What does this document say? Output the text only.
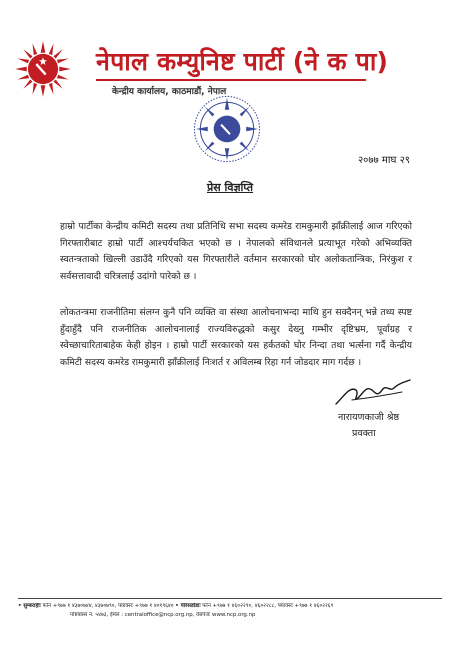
नेपाल कम्युनिष्ट पार्टी (ने क पा)
केन्द्रीय कार्यालय, काठमाडौं, नेपाल
२०७७ माघ २९
प्रेस विज्ञप्ति

हाम्रो पार्टीका केन्द्रीय कमिटी सदस्य तथा प्रतिनिधि सभा सदस्य कमरेड रामकुमारी झाँक्रीलाई आज गरिएको गिरफ्तारीबाट हाम्रो पार्टी आश्चर्यचकित भएको छ । नेपालको संविधानले प्रत्याभूत गरेको अभिव्यक्ति स्वतन्त्रताको खिल्ली उडाउँदै गरिएको यस गिरफ्तारीले वर्तमान सरकारको घोर अलोकतान्त्रिक, निरंकुश र सर्वसत्तावादी चरित्रलाई उदांगो पारेको छ ।

लोकतन्त्रमा राजनीतिमा संलग्न कुनै पनि व्यक्ति वा संस्था आलोचनाभन्दा माथि हुन सक्दैनन् भन्ने तथ्य स्पष्ट हुँदाहुँदै पनि राजनीतिक आलोचनालाई राज्यविरुद्धको कसुर देख्नु गम्भीर दृष्टिभ्रम, पूर्वाग्रह र स्वेच्छाचारिताबाहेक केही होइन । हाम्रो पार्टी सरकारको यस हर्कतको घोर निन्दा तथा भर्त्सना गर्दै केन्द्रीय कमिटी सदस्य कमरेड रामकुमारी झाँक्रीलाई निःशर्त र अविलम्ब रिहा गर्न जोडदार माग गर्दछ ।

नारायणकाजी श्रेष्ठ
प्रवक्ता
• सुम्बराहीः फोन +९७७ १ ४३७०७४४, ४३७०७९०, फ्याक्सः +९७७ १ ४०१९६४० • पेरिसडाँडाः फोन +९७७ १ ४६०२२९०, ४६०२२८८, फ्याक्सः +९७७ १ ४६०२२६९
पोष्टबक्स नं. ५४७३, ईमेल : centraloffice@ncp.org.np, वेबपेजः www.ncp.org.np
